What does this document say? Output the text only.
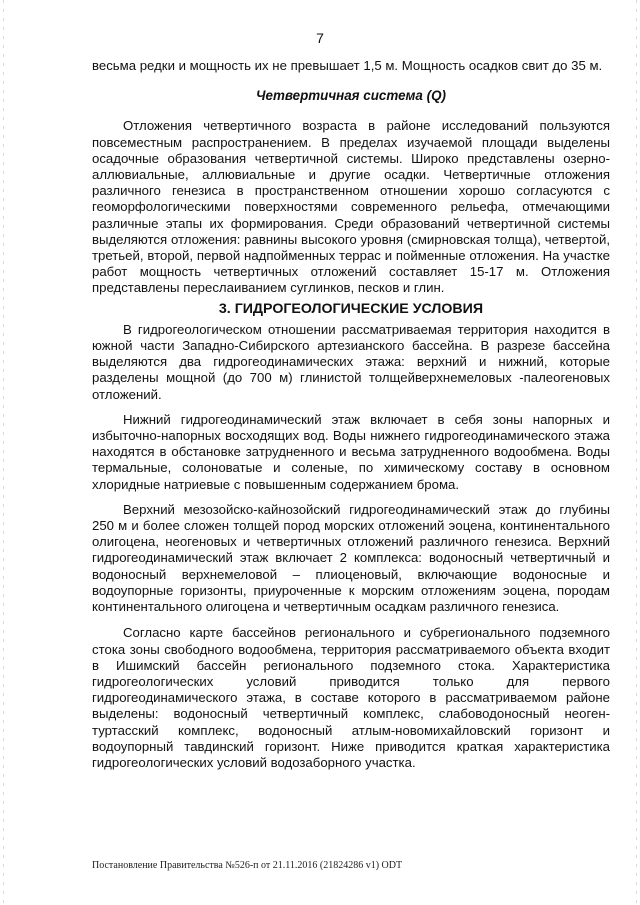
7

весьма редки и мощность их не превышает 1,5 м. Мощность осадков свит до 35 м.

Четвертичная система (Q)

Отложения четвертичного возраста в районе исследований пользуются повсеместным распространением. В пределах изучаемой площади выделены осадочные образования четвертичной системы. Широко представлены озерно-аллювиальные, аллювиальные и другие осадки. Четвертичные отложения различного генезиса в пространственном отношении хорошо согласуются с геоморфологическими поверхностями современного рельефа, отмечающими различные этапы их формирования. Среди образований четвертичной системы выделяются отложения: равнины высокого уровня (смирновская толща), четвертой, третьей, второй, первой надпойменных террас и пойменные отложения. На участке работ мощность четвертичных отложений составляет 15-17 м. Отложения представлены переслаиванием суглинков, песков и глин.

3. ГИДРОГЕОЛОГИЧЕСКИЕ УСЛОВИЯ

В гидрогеологическом отношении рассматриваемая территория находится в южной части Западно-Сибирского артезианского бассейна. В разрезе бассейна выделяются два гидрогеодинамических этажа: верхний и нижний, которые разделены мощной (до 700 м) глинистой толщейверхнемеловых -палеогеновых отложений.

Нижний гидрогеодинамический этаж включает в себя зоны напорных и избыточно-напорных восходящих вод. Воды нижнего гидрогеодинамического этажа находятся в обстановке затрудненного и весьма затрудненного водообмена. Воды термальные, солоноватые и соленые, по химическому составу в основном хлоридные натриевые с повышенным содержанием брома.

Верхний мезозойско-кайнозойский гидрогеодинамический этаж до глубины 250 м и более сложен толщей пород морских отложений эоцена, континентального олигоцена, неогеновых и четвертичных отложений различного генезиса. Верхний гидрогеодинамический этаж включает 2 комплекса: водоносный четвертичный и водоносный верхнемеловой – плиоценовый, включающие водоносные и водоупорные горизонты, приуроченные к морским отложениям эоцена, породам континентального олигоцена и четвертичным осадкам различного генезиса.

Согласно карте бассейнов регионального и субрегионального подземного стока зоны свободного водообмена, территория рассматриваемого объекта входит в Ишимский бассейн регионального подземного стока. Характеристика гидрогеологических условий приводится только для первого гидрогеодинамического этажа, в составе которого в рассматриваемом районе выделены: водоносный четвертичный комплекс, слабоводоносный неоген-туртасский комплекс, водоносный атлым-новомихайловский горизонт и водоупорный тавдинский горизонт. Ниже приводится краткая характеристика гидрогеологических условий водозаборного участка.

Постановление Правительства №526-п от 21.11.2016 (21824286 v1) ODT
